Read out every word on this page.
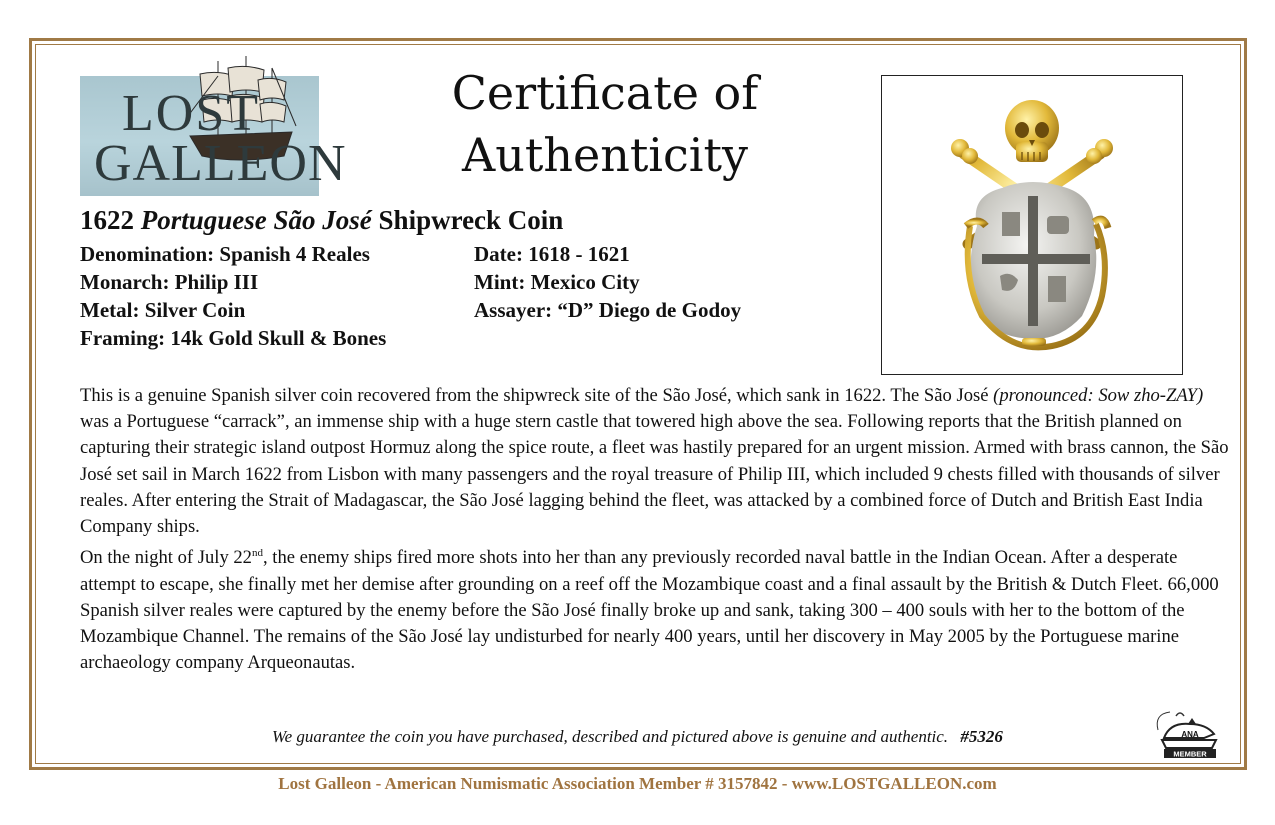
LOST
GALLEON
Certificate of
Authenticity
1622 Portuguese São José Shipwreck Coin
Denomination: Spanish 4 Reales
Monarch: Philip III
Metal: Silver Coin
Framing: 14k Gold Skull & Bones
Date: 1618 - 1621
Mint: Mexico City
Assayer: “D” Diego de Godoy

This is a genuine Spanish silver coin recovered from the shipwreck site of the São José, which sank in 1622. The São José (pronounced: Sow zho-ZAY) was a Portuguese “carrack”, an immense ship with a huge stern castle that towered high above the sea. Following reports that the British planned on capturing their strategic island outpost Hormuz along the spice route, a fleet was hastily prepared for an urgent mission. Armed with brass cannon, the São José set sail in March 1622 from Lisbon with many passengers and the royal treasure of Philip III, which included 9 chests filled with thousands of silver reales. After entering the Strait of Madagascar, the São José lagging behind the fleet, was attacked by a combined force of Dutch and British East India Company ships.

On the night of July 22nd, the enemy ships fired more shots into her than any previously recorded naval battle in the Indian Ocean. After a desperate attempt to escape, she finally met her demise after grounding on a reef off the Mozambique coast and a final assault by the British & Dutch Fleet. 66,000 Spanish silver reales were captured by the enemy before the São José finally broke up and sank, taking 300 – 400 souls with her to the bottom of the Mozambique Channel. The remains of the São José lay undisturbed for nearly 400 years, until her discovery in May 2005 by the Portuguese marine archaeology company Arqueonautas.

We guarantee the coin you have purchased, described and pictured above is genuine and authentic. #5326	ANA
MEMBER
Lost Galleon - American Numismatic Association Member # 3157842 - www.LOSTGALLEON.com
